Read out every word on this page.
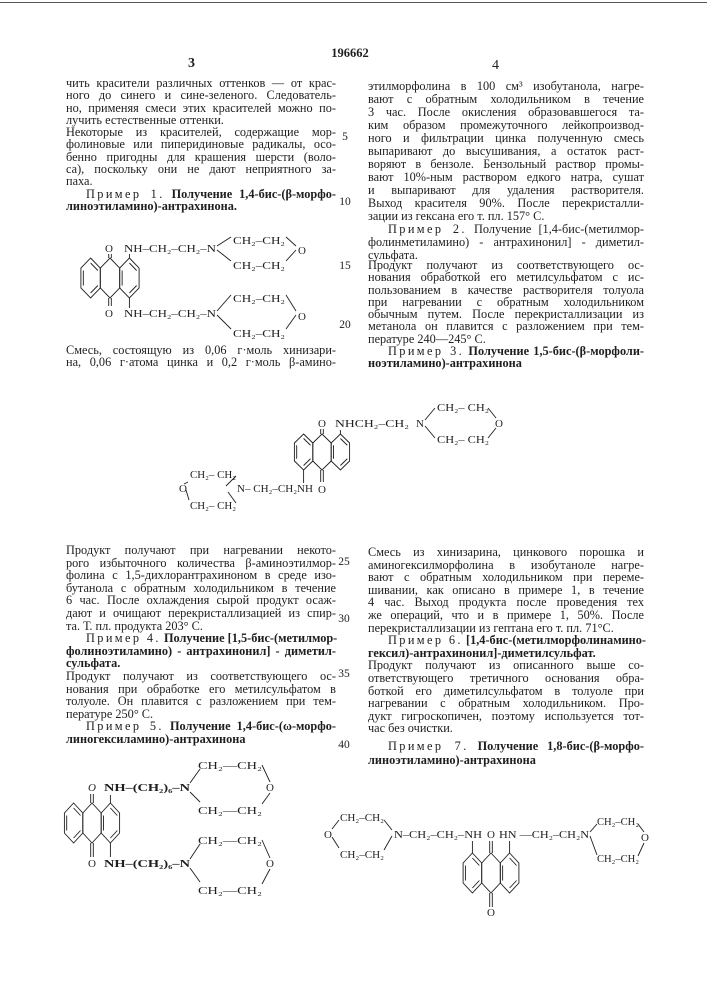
196662
3	4
5
10
15
20
25
30
35
40
чить красители различных оттенков — от крас-
ного до синего и сине-зеленого. Следователь-
но, применяя смеси этих красителей можно по-
лучить естественные оттенки.
Некоторые из красителей, содержащие мор-
фолиновые или пиперидиновые радикалы, осо-
бенно пригодны для крашения шерсти (воло-
са), поскольку они не дают неприятного за-
паха.
Пример 1. Получение 1,4-бис-(β-морфо-
линоэтиламино)-антрахинона.
Смесь, состоящую из 0,06 г·моль хинизари-
на, 0,06 г·атома цинка и 0,2 г·моль β-амино-
этилморфолина в 100 см³ изобутанола, нагре-
вают с обратным холодильником в течение
3 час. После окисления образовавшегося та-
ким образом промежуточного лейкопроизвод-
ного и фильтрации цинка полученную смесь
выпаривают до высушивания, а остаток раст-
воряют в бензоле. Бензольный раствор промы-
вают 10%-ным раствором едкого натра, сушат
и выпаривают для удаления растворителя.
Выход красителя 90%. После перекристалли-
зации из гексана его т. пл. 157° С.
Пример 2. Получение [1,4-бис-(метилмор-
фолинметиламино) - антрахинонил] - диметил-
сульфата.
Продукт получают из соответствующего ос-
нования обработкой его метилсульфатом с ис-
пользованием в качестве растворителя толуола
при нагревании с обратным холодильником
обычным путем. После перекристаллизации из
метанола он плавится с разложением при тем-
пературе 240—245° С.
Пример 3. Получение 1,5-бис-(β-морфоли-
ноэтиламино)-антрахинона
Продукт получают при нагревании некото-
рого избыточного количества β-аминоэтилмор-
фолина с 1,5-дихлорантрахиноном в среде изо-
бутанола с обратным холодильником в течение
6 час. После охлаждения сырой продукт осаж-
дают и очищают перекристаллизацией из спир-
та. Т. пл. продукта 203° С.
Пример 4. Получение [1,5-бис-(метилмор-
фолиноэтиламино) - антрахинонил] - диметил-
сульфата.
Продукт получают из соответствующего ос-
нования при обработке его метилсульфатом в
толуоле. Он плавится с разложением при тем-
пературе 250° С.
Пример 5. Получение 1,4-бис-(ω-морфо-
линогексиламино)-антрахинона
Смесь из хинизарина, цинкового порошка и
аминогексилморфолина в изобутаноле нагре-
вают с обратным холодильником при переме-
шивании, как описано в примере 1, в течение
4 час. Выход продукта после проведения тех
же операций, что и в примере 1, 50%. После
перекристаллизации из гептана его т. пл. 71°С.
Пример 6. [1,4-бис-(метилморфолинамино-
гексил)-антрахинонил]-диметилсульфат.
Продукт получают из описанного выше со-
ответствующего третичного основания обра-
боткой его диметилсульфатом в толуоле при
нагревании с обратным холодильником. Про-
дукт гигроскопичен, поэтому используется тот-
час без очистки.
Пример 7. Получение 1,8-бис-(β-морфо-
линоэтиламино)-антрахинона
O NH–CH₂–CH₂–N
CH₂–CH₂
O
CH₂–CH₂
O NH–CH₂–CH₂–N
CH₂–CH₂
O
CH₂–CH₂
O NHCH₂–CH₂ N
CH₂– CH₂
O
CH₂– CH₂
O
CH₂– CH₂
O	N– CH₂–CH₂NH
CH₂– CH₂
O NH–(CH₂)₆–N
CH₂—CH₂
O
CH₂—CH₂
O NH–(CH₂)₆–N
CH₂—CH₂
O
CH₂—CH₂
CH₂–CH₂
O
CH₂–CH₂
N–CH₂–CH₂–NH O HN —CH₂–CH₂N
CH₂–CH₂
O
CH₂–CH₂
O
